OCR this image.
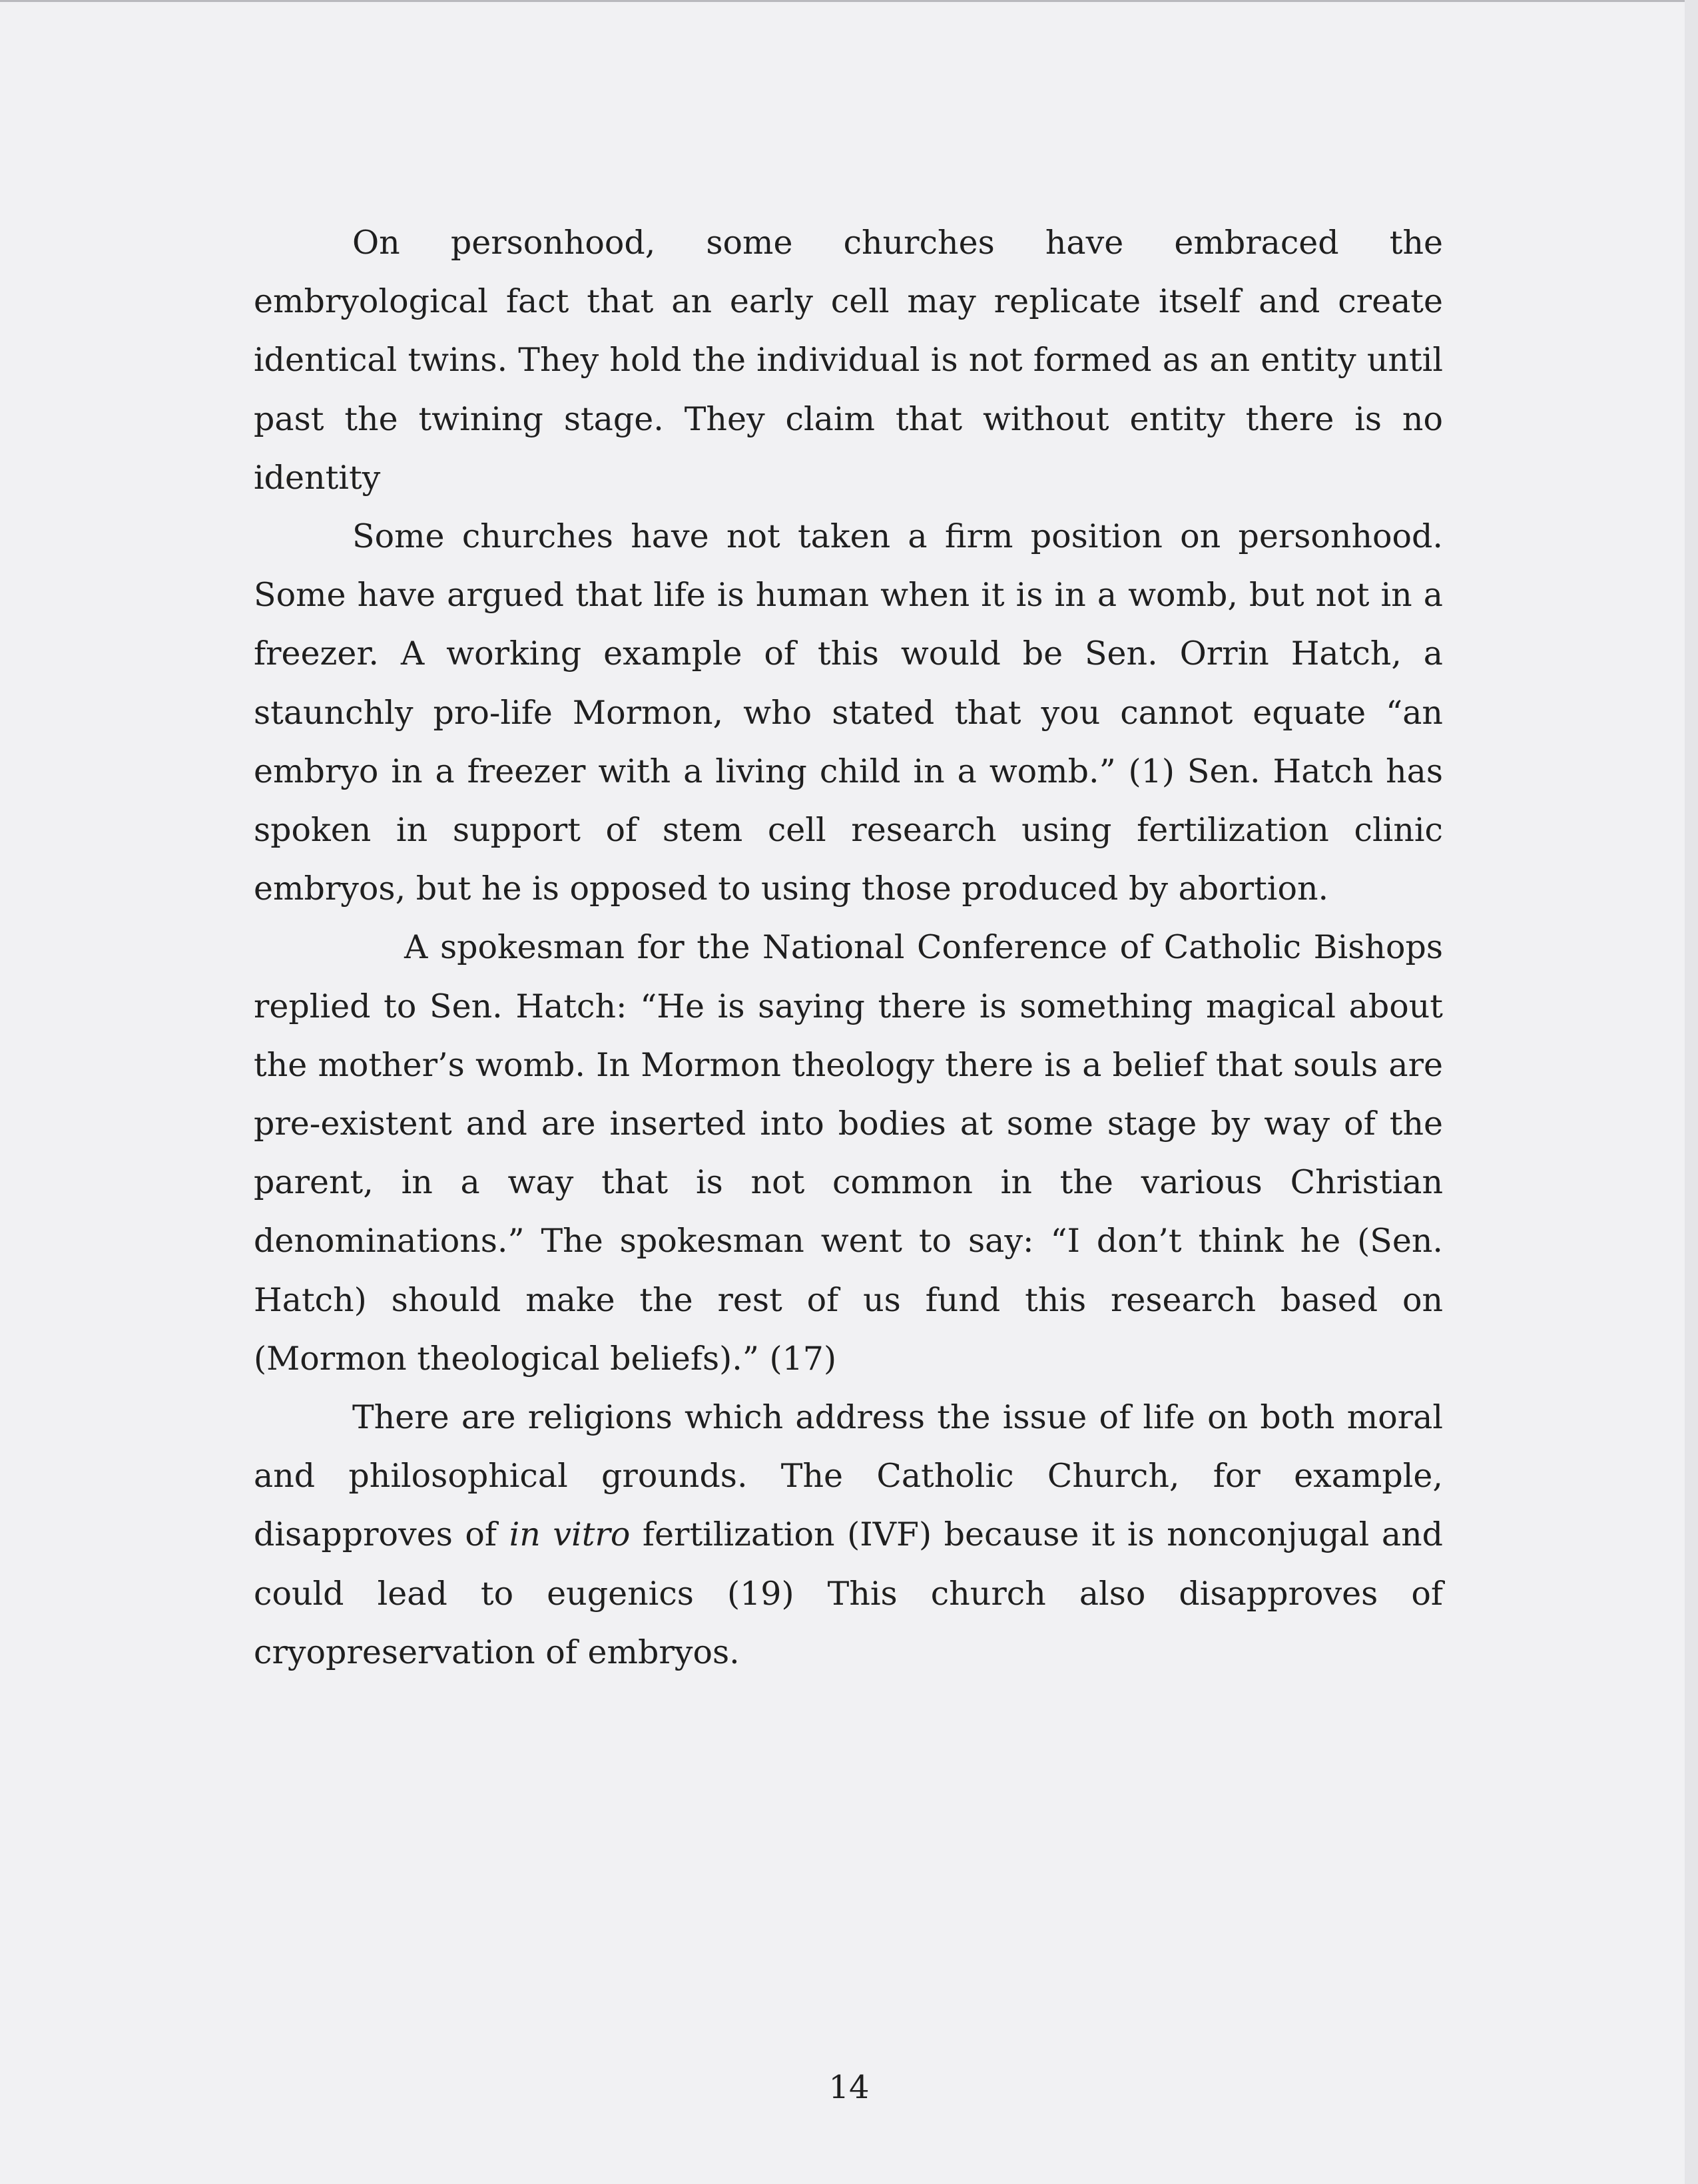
On personhood, some churches have embraced the embryological fact that an early cell may replicate itself and create identical twins. They hold the individual is not formed as an entity until past the twining stage. They claim that without entity there is no identity

Some churches have not taken a firm position on personhood. Some have argued that life is human when it is in a womb, but not in a freezer. A working example of this would be Sen. Orrin Hatch, a staunchly pro-life Mormon, who stated that you cannot equate “an embryo in a freezer with a living child in a womb.” (1) Sen. Hatch has spoken in support of stem cell research using fertilization clinic embryos, but he is opposed to using those produced by abortion.

A spokesman for the National Conference of Catholic Bishops replied to Sen. Hatch: “He is saying there is something magical about the mother’s womb. In Mormon theology there is a belief that souls are pre-existent and are inserted into bodies at some stage by way of the parent, in a way that is not common in the various Christian denominations.” The spokesman went to say: “I don’t think he (Sen. Hatch) should make the rest of us fund this research based on (Mormon theological beliefs).” (17)

There are religions which address the issue of life on both moral and philosophical grounds. The Catholic Church, for example, disapproves of in vitro fertilization (IVF) because it is nonconjugal and could lead to eugenics (19) This church also disapproves of cryopreservation of embryos.

14
